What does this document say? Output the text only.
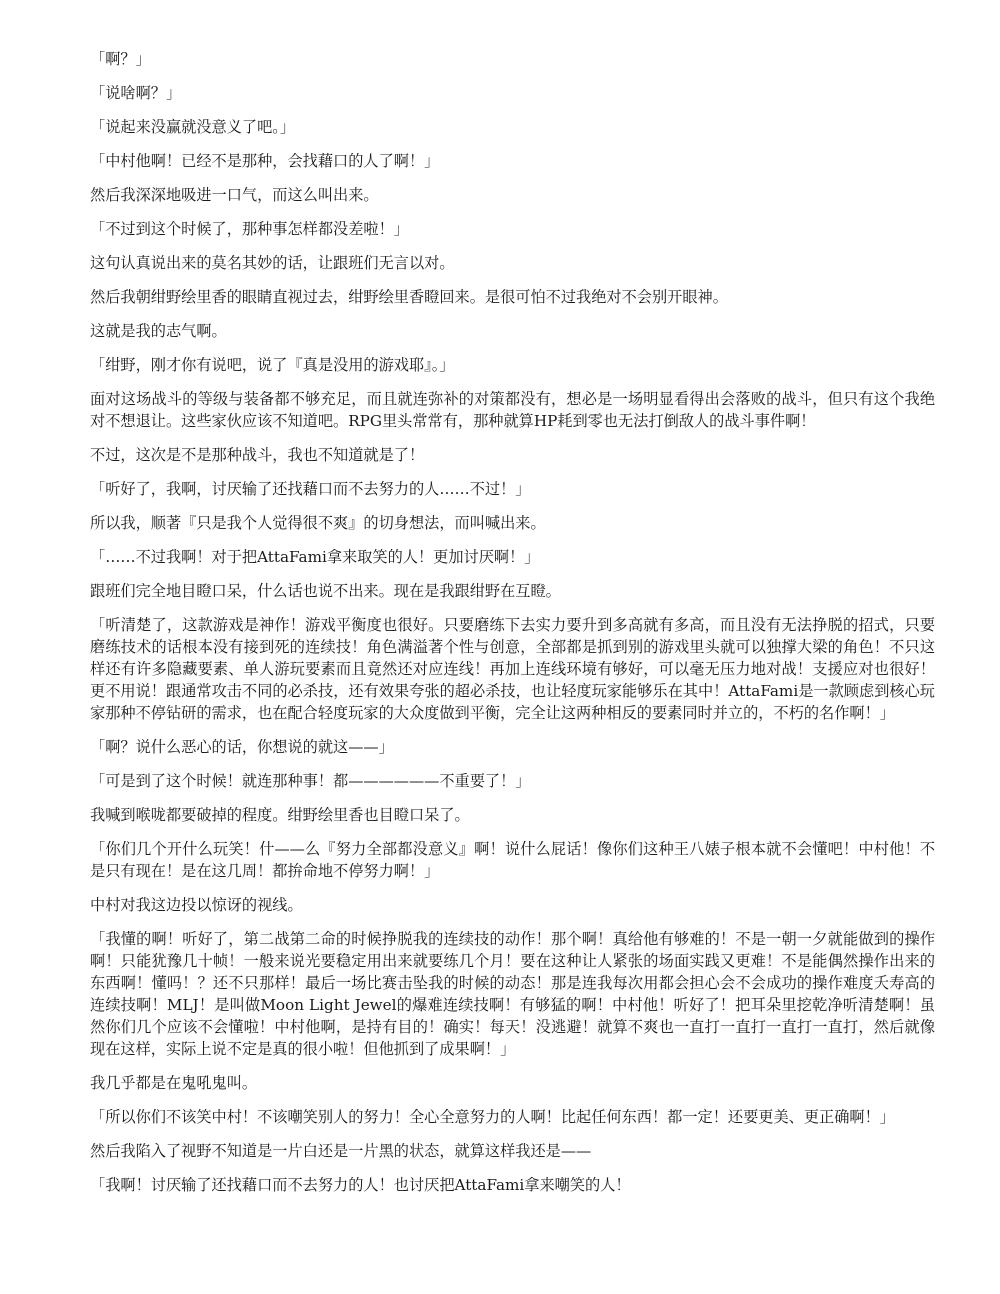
「啊？」

「说啥啊？」

「说起来没赢就没意义了吧。」

「中村他啊！已经不是那种，会找藉口的人了啊！」

然后我深深地吸进一口气，而这么叫出来。

「不过到这个时候了，那种事怎样都没差啦！」

这句认真说出来的莫名其妙的话，让跟班们无言以对。

然后我朝绀野绘里香的眼睛直视过去，绀野绘里香瞪回来。是很可怕不过我绝对不会别开眼神。

这就是我的志气啊。

「绀野，刚才你有说吧，说了『真是没用的游戏耶』。」

面对这场战斗的等级与装备都不够充足，而且就连弥补的对策都没有，想必是一场明显看得出会落败的战斗，但只有这个我绝对不想退让。这些家伙应该不知道吧。RPG里头常常有，那种就算HP耗到零也无法打倒敌人的战斗事件啊！

不过，这次是不是那种战斗，我也不知道就是了！

「听好了，我啊，讨厌输了还找藉口而不去努力的人……不过！」

所以我，顺著『只是我个人觉得很不爽』的切身想法，而叫喊出来。

「……不过我啊！对于把AttaFami拿来取笑的人！更加讨厌啊！」

跟班们完全地目瞪口呆，什么话也说不出来。现在是我跟绀野在互瞪。

「听清楚了，这款游戏是神作！游戏平衡度也很好。只要磨练下去实力要升到多高就有多高，而且没有无法挣脱的招式，只要磨练技术的话根本没有接到死的连续技！角色满溢著个性与创意，全部都是抓到别的游戏里头就可以独撑大梁的角色！不只这样还有许多隐藏要素、单人游玩要素而且竟然还对应连线！再加上连线环境有够好，可以毫无压力地对战！支援应对也很好！更不用说！跟通常攻击不同的必杀技，还有效果夸张的超必杀技，也让轻度玩家能够乐在其中！AttaFami是一款顾虑到核心玩家那种不停钻研的需求，也在配合轻度玩家的大众度做到平衡，完全让这两种相反的要素同时并立的，不朽的名作啊！」

「啊？说什么恶心的话，你想说的就这——」

「可是到了这个时候！就连那种事！都——————不重要了！」

我喊到喉咙都要破掉的程度。绀野绘里香也目瞪口呆了。

「你们几个开什么玩笑！什——么『努力全部都没意义』啊！说什么屁话！像你们这种王八婊子根本就不会懂吧！中村他！不是只有现在！是在这几周！都拚命地不停努力啊！」

中村对我这边投以惊讶的视线。

「我懂的啊！听好了，第二战第二命的时候挣脱我的连续技的动作！那个啊！真给他有够难的！不是一朝一夕就能做到的操作啊！只能犹豫几十帧！一般来说光要稳定用出来就要练几个月！要在这种让人紧张的场面实践又更难！不是能偶然操作出来的东西啊！懂吗！？还不只那样！最后一场比赛击坠我的时候的动态！那是连我每次用都会担心会不会成功的操作难度夭寿高的连续技啊！MLJ！是叫做Moon Light Jewel的爆难连续技啊！有够猛的啊！中村他！听好了！把耳朵里挖乾净听清楚啊！虽然你们几个应该不会懂啦！中村他啊，是持有目的！确实！每天！没逃避！就算不爽也一直打一直打一直打一直打，然后就像现在这样，实际上说不定是真的很小啦！但他抓到了成果啊！」

我几乎都是在鬼吼鬼叫。

「所以你们不该笑中村！不该嘲笑别人的努力！全心全意努力的人啊！比起任何东西！都一定！还要更美、更正确啊！」

然后我陷入了视野不知道是一片白还是一片黑的状态，就算这样我还是——

「我啊！讨厌输了还找藉口而不去努力的人！也讨厌把AttaFami拿来嘲笑的人！
